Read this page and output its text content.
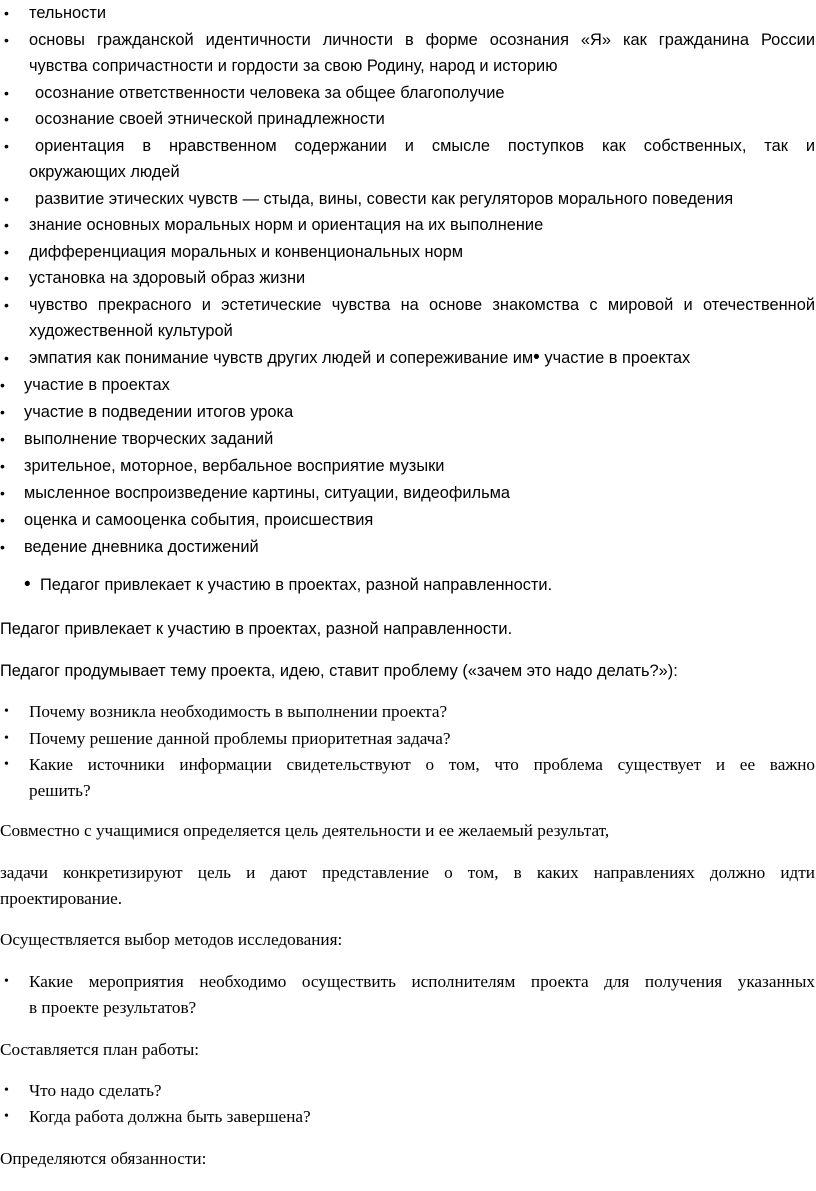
• тельности
• основы гражданской идентичности личности в форме осознания «Я» как гражданина России
чувства сопричастности и гордости за свою Родину, народ и историю
• осознание ответственности человека за общее благополучие
• осознание своей этнической принадлежности
• ориентация в нравственном содержании и смысле поступков как собственных, так и
окружающих людей
• развитие этических чувств — стыда, вины, совести как регуляторов морального поведения
• знание основных моральных норм и ориентация на их выполнение
• дифференциация моральных и конвенциональных норм
• установка на здоровый образ жизни
• чувство прекрасного и эстетические чувства на основе знакомства с мировой и отечественной
художественной культурой
• эмпатия как понимание чувств других людей и сопереживание им• участие в проектах
• участие в проектах
• участие в подведении итогов урока
• выполнение творческих заданий
• зрительное, моторное, вербальное восприятие музыки
• мысленное воспроизведение картины, ситуации, видеофильма
• оценка и самооценка события, происшествия
• ведение дневника достижений
• Педагог привлекает к участию в проектах, разной направленности.
Педагог привлекает к участию в проектах, разной направленности.
Педагог продумывает тему проекта, идею, ставит проблему («зачем это надо делать?»):
• Почему возникла необходимость в выполнении проекта?
• Почему решение данной проблемы приоритетная задача?
• Какие источники информации свидетельствуют о том, что проблема существует и ее важно
решить?
Совместно с учащимися определяется цель деятельности и ее желаемый результат,
задачи конкретизируют цель и дают представление о том, в каких направлениях должно идти
проектирование.
Осуществляется выбор методов исследования:
• Какие мероприятия необходимо осуществить исполнителям проекта для получения указанных
в проекте результатов?
Составляется план работы:
• Что надо сделать?
• Когда работа должна быть завершена?
Определяются обязанности:
